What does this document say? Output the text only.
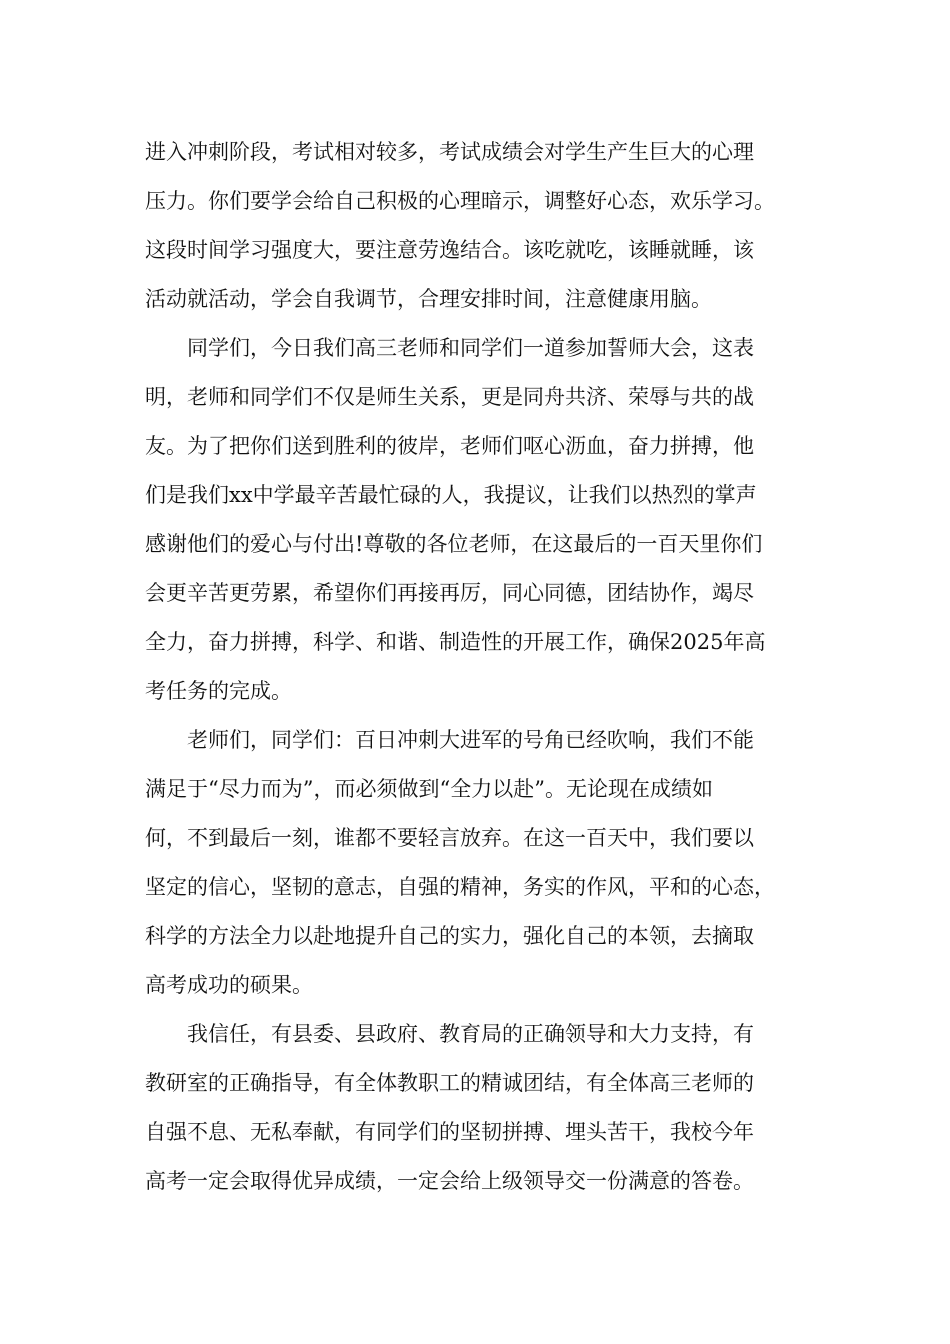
进入冲刺阶段，考试相对较多，考试成绩会对学生产生巨大的心理
压力。你们要学会给自己积极的心理暗示，调整好心态，欢乐学习。
这段时间学习强度大，要注意劳逸结合。该吃就吃，该睡就睡，该
活动就活动，学会自我调节，合理安排时间，注意健康用脑。
　　同学们，今日我们高三老师和同学们一道参加誓师大会，这表
明，老师和同学们不仅是师生关系，更是同舟共济、荣辱与共的战
友。为了把你们送到胜利的彼岸，老师们呕心沥血，奋力拼搏，他
们是我们xx中学最辛苦最忙碌的人，我提议，让我们以热烈的掌声
感谢他们的爱心与付出!尊敬的各位老师，在这最后的一百天里你们
会更辛苦更劳累，希望你们再接再厉，同心同德，团结协作，竭尽
全力，奋力拼搏，科学、和谐、制造性的开展工作，确保2025年高
考任务的完成。
　　老师们，同学们：百日冲刺大进军的号角已经吹响，我们不能
满足于“尽力而为”，而必须做到“全力以赴”。无论现在成绩如
何，不到最后一刻，谁都不要轻言放弃。在这一百天中，我们要以
坚定的信心，坚韧的意志，自强的精神，务实的作风，平和的心态，
科学的方法全力以赴地提升自己的实力，强化自己的本领，去摘取
高考成功的硕果。
　　我信任，有县委、县政府、教育局的正确领导和大力支持，有
教研室的正确指导，有全体教职工的精诚团结，有全体高三老师的
自强不息、无私奉献，有同学们的坚韧拼搏、埋头苦干，我校今年
高考一定会取得优异成绩，一定会给上级领导交一份满意的答卷。
